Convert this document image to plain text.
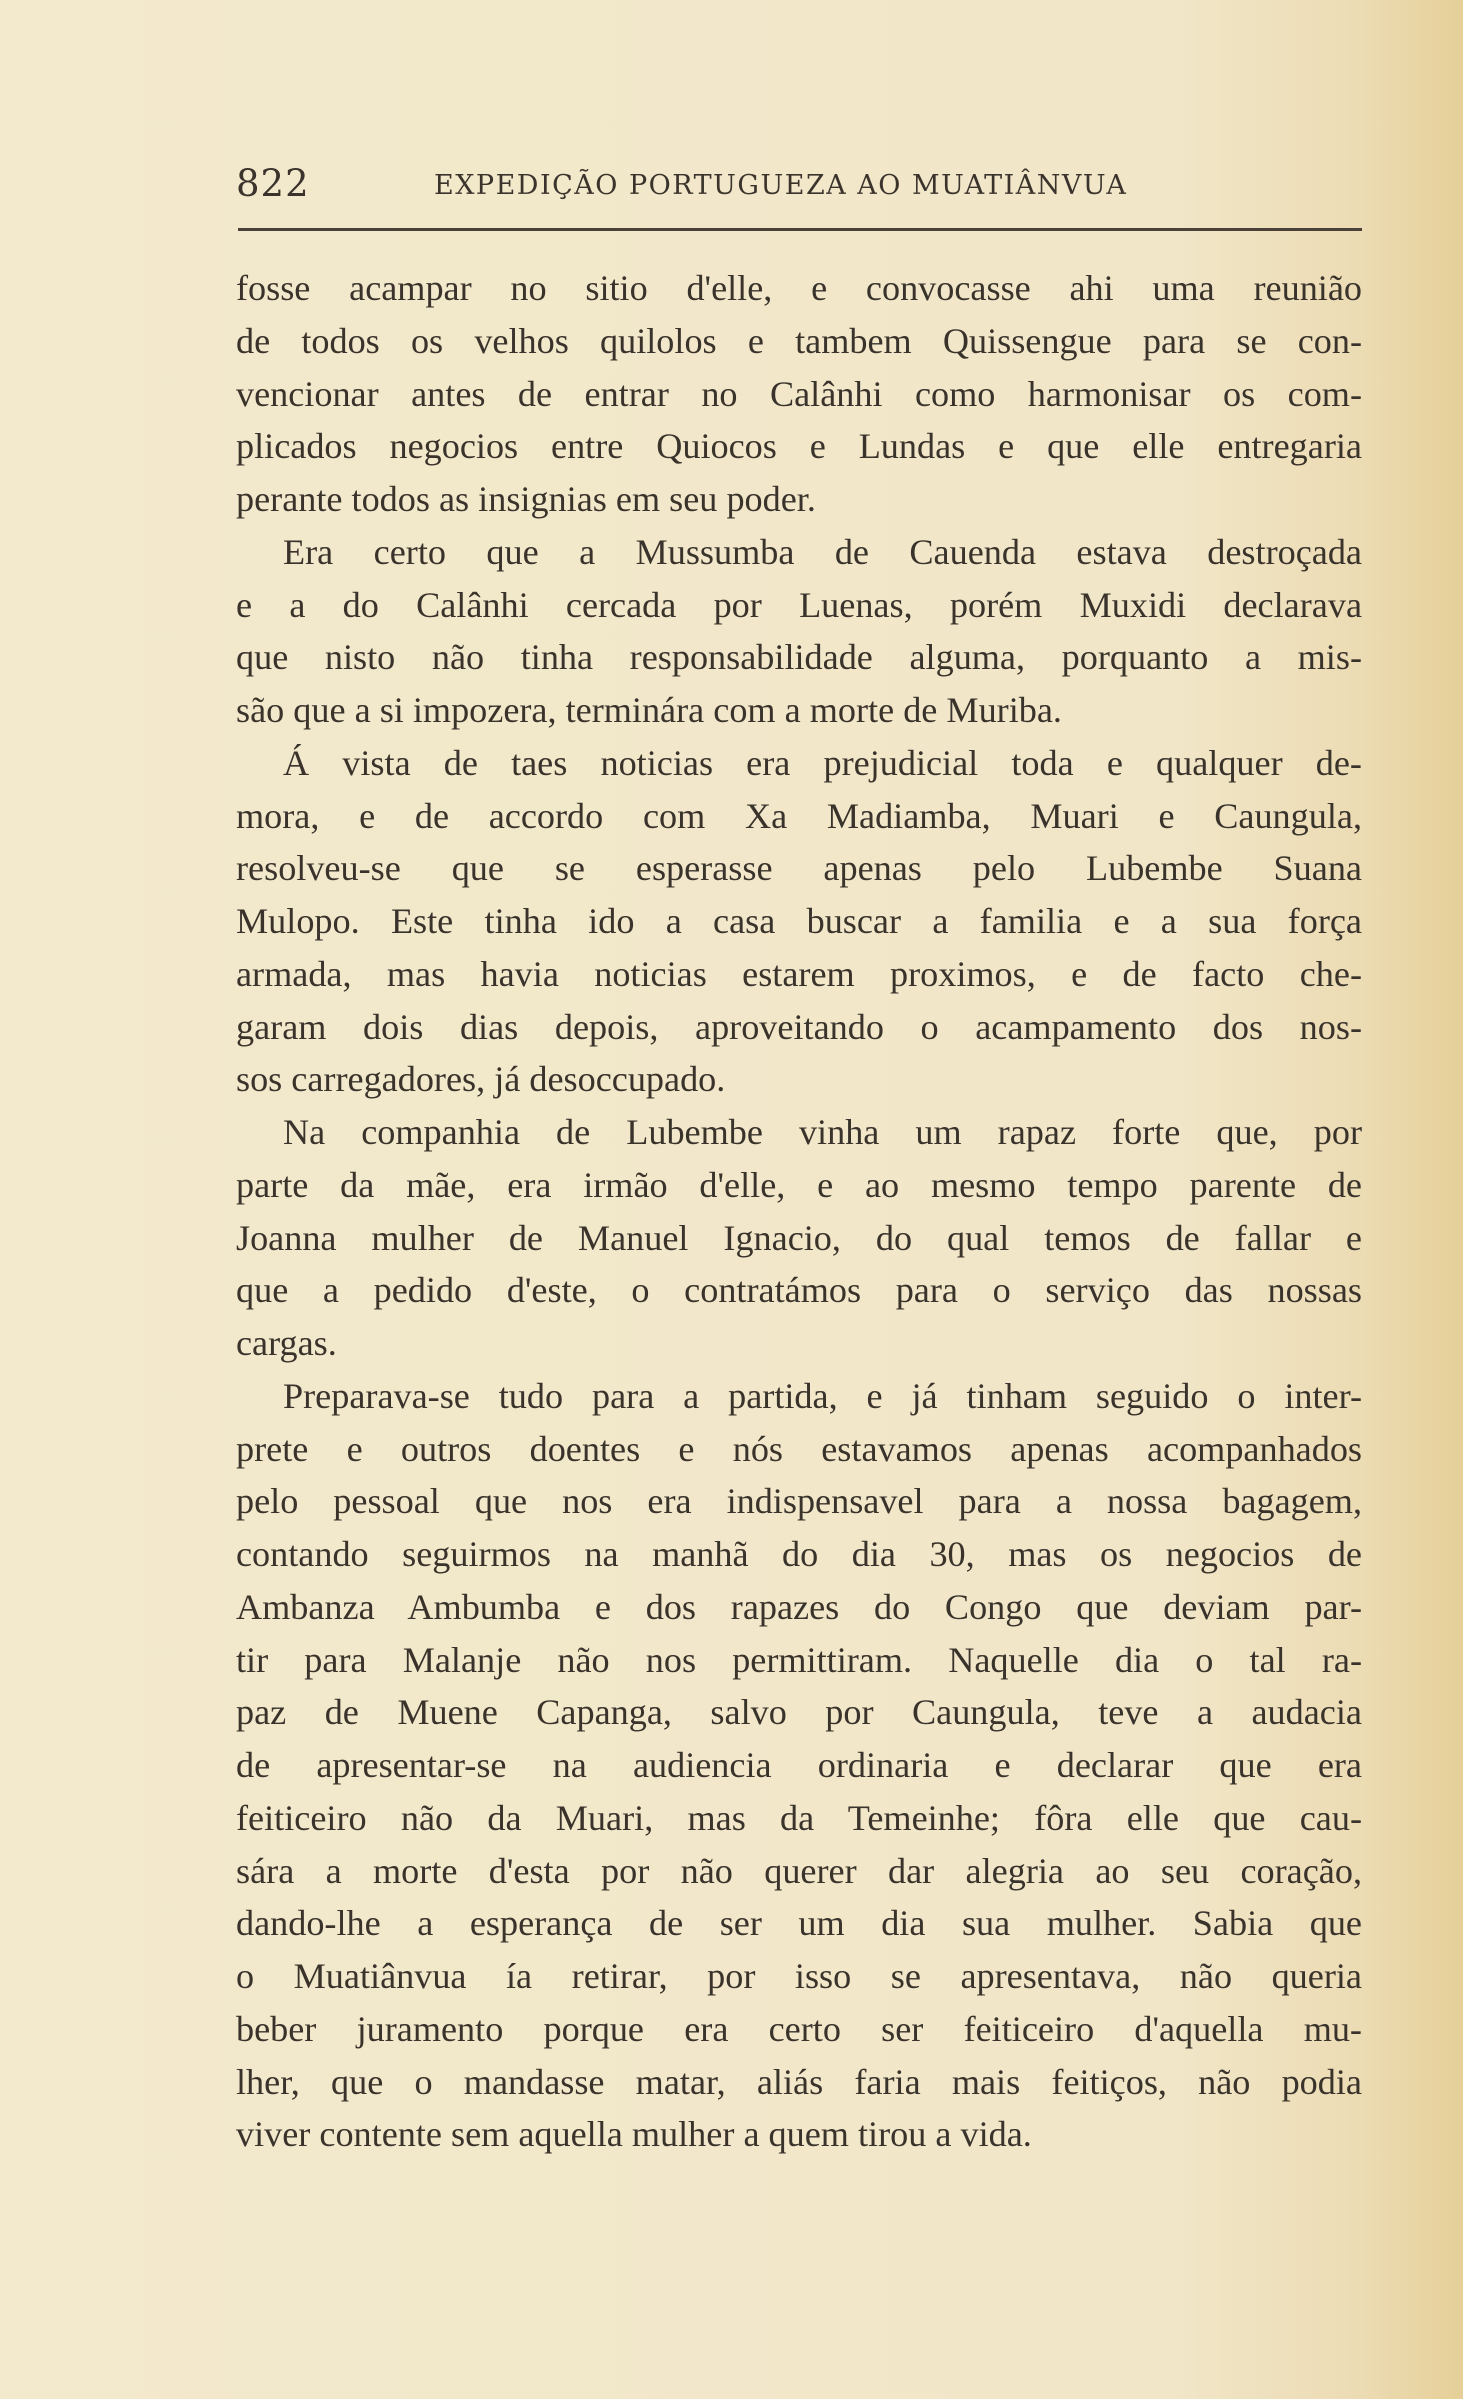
822	EXPEDIÇÃO PORTUGUEZA AO MUATIÂNVUA
fosse acampar no sitio d'elle, e convocasse ahi uma reunião
de todos os velhos quilolos e tambem Quissengue para se con-
vencionar antes de entrar no Calânhi como harmonisar os com-
plicados negocios entre Quiocos e Lundas e que elle entregaria
perante todos as insignias em seu poder.
Era certo que a Mussumba de Cauenda estava destroçada
e a do Calânhi cercada por Luenas, porém Muxidi declarava
que nisto não tinha responsabilidade alguma, porquanto a mis-
são que a si impozera, terminára com a morte de Muriba.
Á vista de taes noticias era prejudicial toda e qualquer de-
mora, e de accordo com Xa Madiamba, Muari e Caungula,
resolveu-se que se esperasse apenas pelo Lubembe Suana
Mulopo. Este tinha ido a casa buscar a familia e a sua força
armada, mas havia noticias estarem proximos, e de facto che-
garam dois dias depois, aproveitando o acampamento dos nos-
sos carregadores, já desoccupado.
Na companhia de Lubembe vinha um rapaz forte que, por
parte da mãe, era irmão d'elle, e ao mesmo tempo parente de
Joanna mulher de Manuel Ignacio, do qual temos de fallar e
que a pedido d'este, o contratámos para o serviço das nossas
cargas.
Preparava-se tudo para a partida, e já tinham seguido o inter-
prete e outros doentes e nós estavamos apenas acompanhados
pelo pessoal que nos era indispensavel para a nossa bagagem,
contando seguirmos na manhã do dia 30, mas os negocios de
Ambanza Ambumba e dos rapazes do Congo que deviam par-
tir para Malanje não nos permittiram. Naquelle dia o tal ra-
paz de Muene Capanga, salvo por Caungula, teve a audacia
de apresentar-se na audiencia ordinaria e declarar que era
feiticeiro não da Muari, mas da Temeinhe; fôra elle que cau-
sára a morte d'esta por não querer dar alegria ao seu coração,
dando-lhe a esperança de ser um dia sua mulher. Sabia que
o Muatiânvua ía retirar, por isso se apresentava, não queria
beber juramento porque era certo ser feiticeiro d'aquella mu-
lher, que o mandasse matar, aliás faria mais feitiços, não podia
viver contente sem aquella mulher a quem tirou a vida.
